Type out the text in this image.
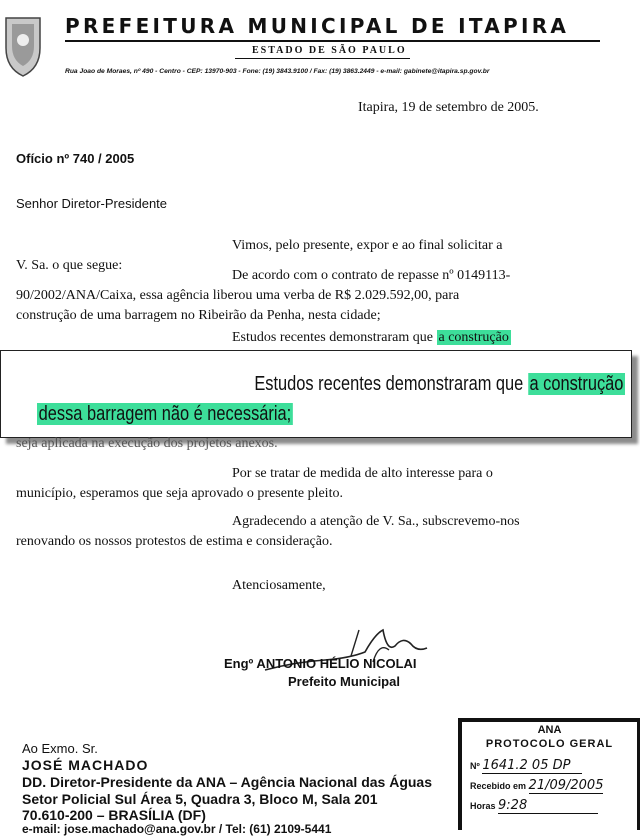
PREFEITURA MUNICIPAL DE ITAPIRA
ESTADO DE SÃO PAULO
Rua Joao de Moraes, nº 490 - Centro - CEP: 13970-903 - Fone: (19) 3843.9100 / Fax: (19) 3863.2449 - e-mail: gabinete@itapira.sp.gov.br
Itapira, 19 de setembro de 2005.
Ofício nº 740 / 2005
Senhor Diretor-Presidente
Vimos, pelo presente, expor e ao final solicitar a
V. Sa. o que segue:
De acordo com o contrato de repasse nº 0149113-
90/2002/ANA/Caixa, essa agência liberou uma verba de R$ 2.029.592,00, para
construção de uma barragem no Ribeirão da Penha, nesta cidade;
Estudos recentes demonstraram que a construção
Estudos recentes demonstraram que a construção
dessa barragem não é necessária;
seja aplicada na execução dos projetos anexos.
Por se tratar de medida de alto interesse para o
município, esperamos que seja aprovado o presente pleito.
Agradecendo a atenção de V. Sa., subscrevemo-nos
renovando os nossos protestos de estima e consideração.
Atenciosamente,
Engº ANTONIO HÉLIO NICOLAI
Prefeito Municipal
Ao Exmo. Sr.
JOSÉ MACHADO
DD. Diretor-Presidente da ANA – Agência Nacional das Águas
Setor Policial Sul Área 5, Quadra 3, Bloco M, Sala 201
70.610-200 – BRASÍLIA (DF)
e-mail: jose.machado@ana.gov.br / Tel: (61) 2109-5441
ANA
PROTOCOLO GERAL
Nº 1641.2 05 DP
Recebido em 21/09/2005
Horas 9:28
